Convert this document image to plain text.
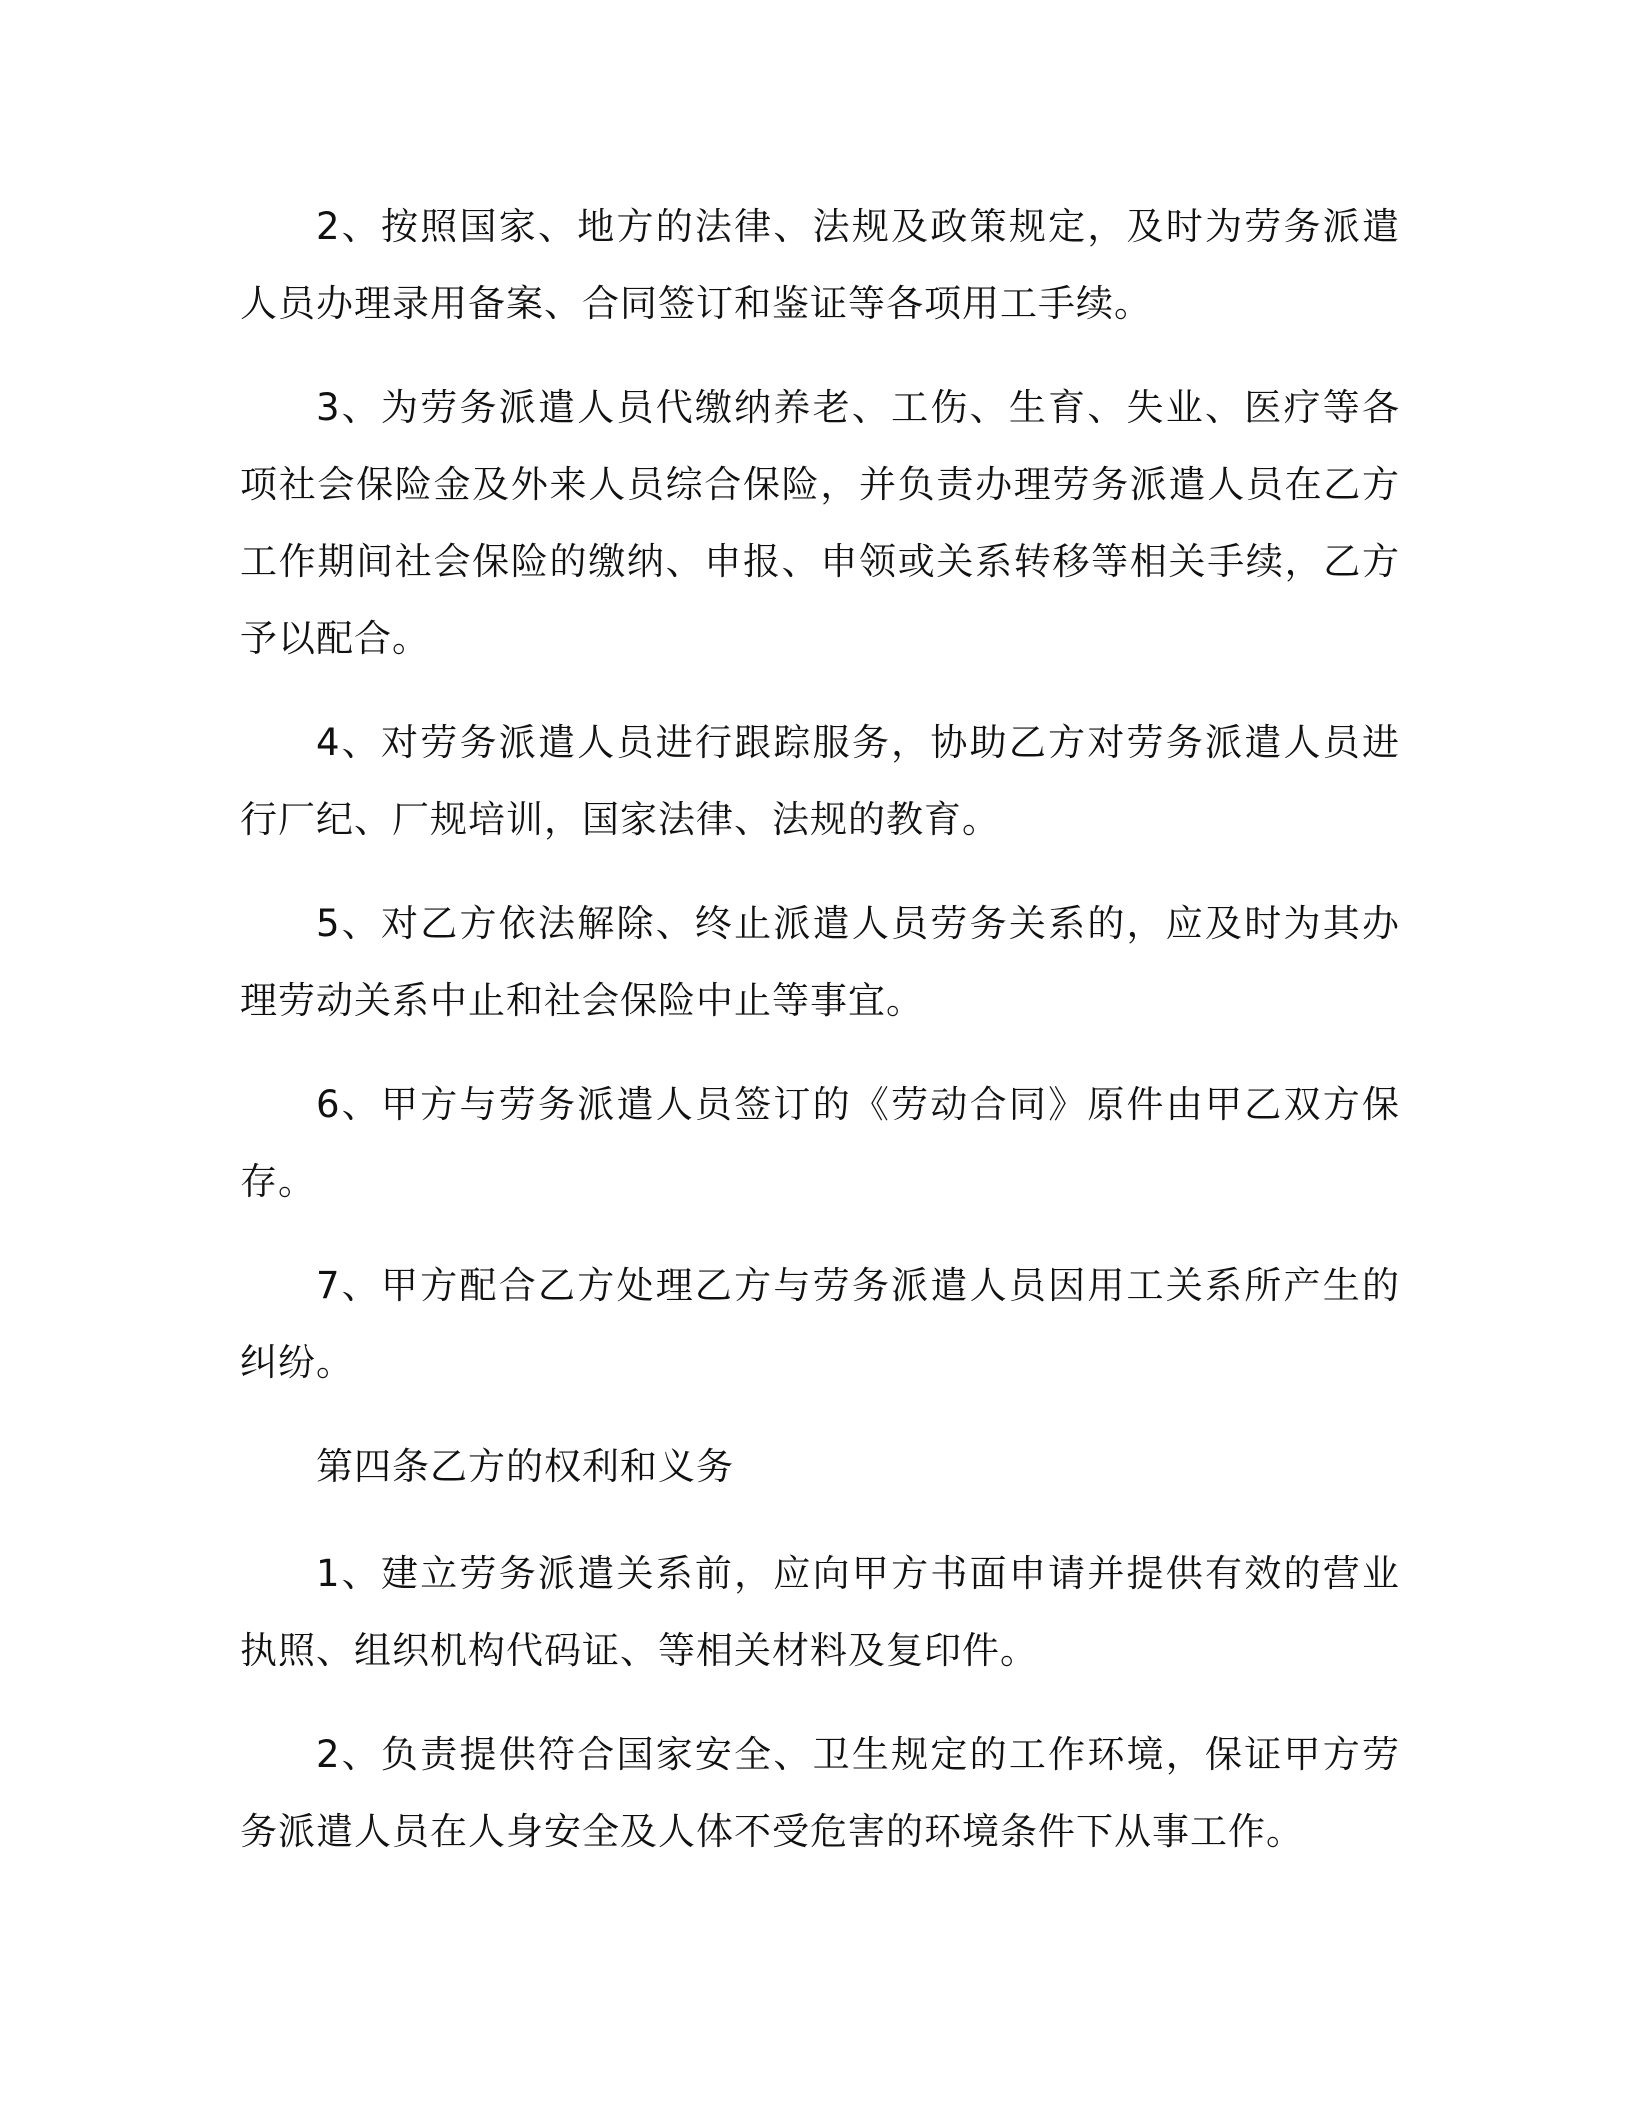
2、按照国家、地方的法律、法规及政策规定，及时为劳务派遣人员办理录用备案、合同签订和鉴证等各项用工手续。

3、为劳务派遣人员代缴纳养老、工伤、生育、失业、医疗等各项社会保险金及外来人员综合保险，并负责办理劳务派遣人员在乙方工作期间社会保险的缴纳、申报、申领或关系转移等相关手续，乙方予以配合。

4、对劳务派遣人员进行跟踪服务，协助乙方对劳务派遣人员进行厂纪、厂规培训，国家法律、法规的教育。

5、对乙方依法解除、终止派遣人员劳务关系的，应及时为其办理劳动关系中止和社会保险中止等事宜。

6、甲方与劳务派遣人员签订的《劳动合同》原件由甲乙双方保存。

7、甲方配合乙方处理乙方与劳务派遣人员因用工关系所产生的纠纷。

第四条乙方的权利和义务

1、建立劳务派遣关系前，应向甲方书面申请并提供有效的营业执照、组织机构代码证、等相关材料及复印件。

2、负责提供符合国家安全、卫生规定的工作环境，保证甲方劳务派遣人员在人身安全及人体不受危害的环境条件下从事工作。
